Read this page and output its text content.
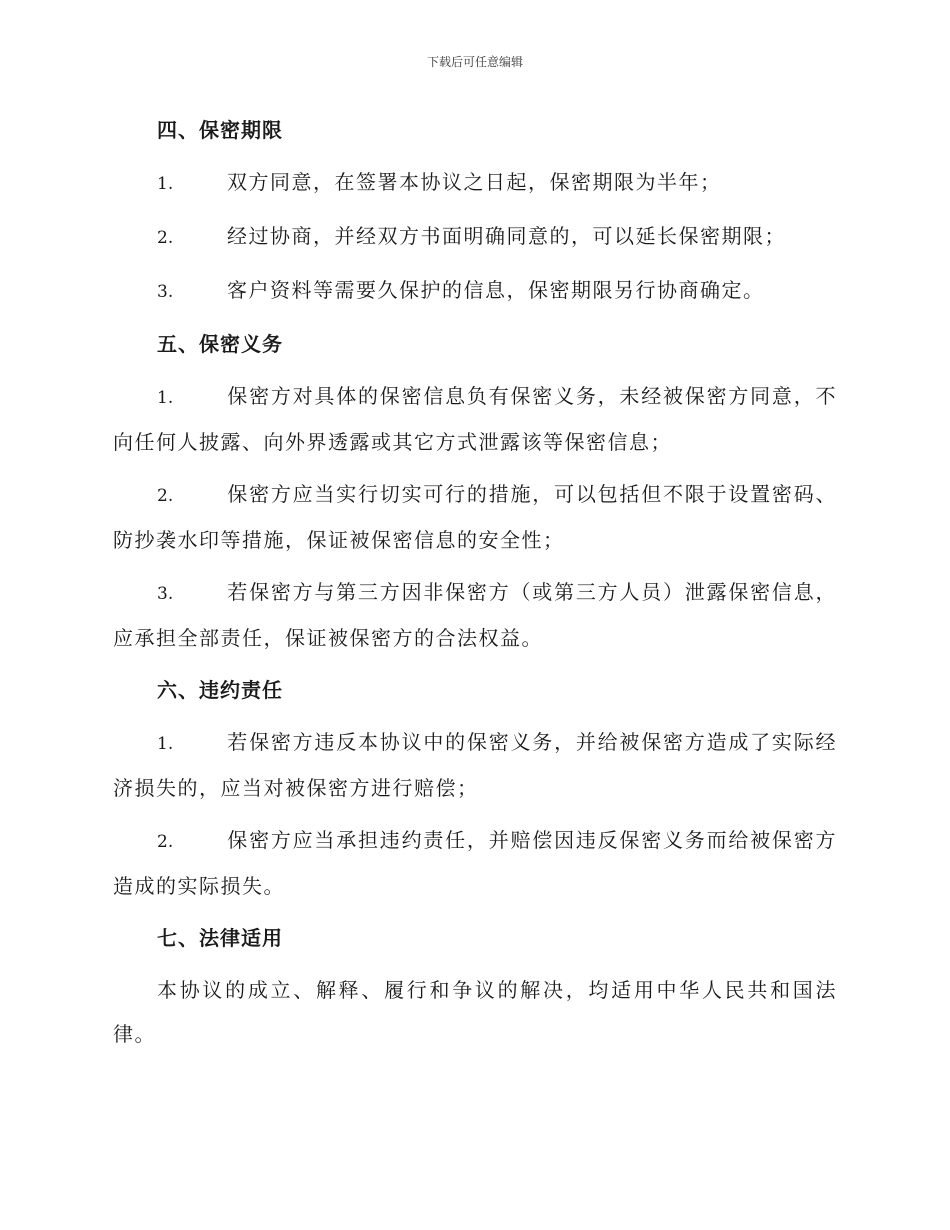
下载后可任意编辑
四、保密期限
1.	双方同意，在签署本协议之日起，保密期限为半年；
2.	经过协商，并经双方书面明确同意的，可以延长保密期限；
3.	客户资料等需要久保护的信息，保密期限另行协商确定。
五、保密义务
1.	保密方对具体的保密信息负有保密义务，未经被保密方同意，不向任何人披露、向外界透露或其它方式泄露该等保密信息；
2.	保密方应当实行切实可行的措施，可以包括但不限于设置密码、防抄袭水印等措施，保证被保密信息的安全性；
3.	若保密方与第三方因非保密方（或第三方人员）泄露保密信息，应承担全部责任，保证被保密方的合法权益。
六、违约责任
1.	若保密方违反本协议中的保密义务，并给被保密方造成了实际经济损失的，应当对被保密方进行赔偿；
2.	保密方应当承担违约责任，并赔偿因违反保密义务而给被保密方造成的实际损失。
七、法律适用

本协议的成立、解释、履行和争议的解决，均适用中华人民共和国法律。
